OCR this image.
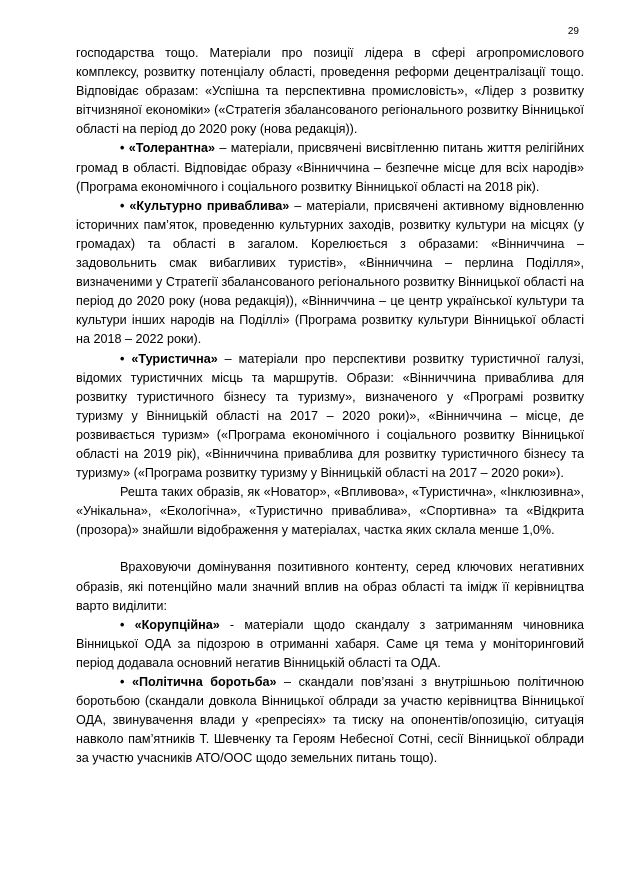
29

господарства тощо. Матеріали про позиції лідера в сфері агропромислового комплексу, розвитку потенціалу області, проведення реформи децентралізації тощо. Відповідає образам: «Успішна та перспективна промисловість», «Лідер з розвитку вітчизняної економіки» («Стратегія збалансованого регіонального розвитку Вінницької області на період до 2020 року (нова редакція)).

• «Толерантна» – матеріали, присвячені висвітленню питань життя релігійних громад в області. Відповідає образу «Вінниччина – безпечне місце для всіх народів» (Програма економічного і соціального розвитку Вінницької області на 2018 рік).

• «Культурно приваблива» – матеріали, присвячені активному відновленню історичних пам’яток, проведенню культурних заходів, розвитку культури на місцях (у громадах) та області в загалом. Корелюється з образами: «Вінниччина – задовольнить смак вибагливих туристів», «Вінниччина – перлина Поділля», визначеними у Стратегії збалансованого регіонального розвитку Вінницької області на період до 2020 року (нова редакція)), «Вінниччина – це центр української культури та культури інших народів на Поділлі» (Програма розвитку культури Вінницької області на 2018 – 2022 роки).

• «Туристична» – матеріали про перспективи розвитку туристичної галузі, відомих туристичних місць та маршрутів. Образи: «Вінниччина приваблива для розвитку туристичного бізнесу та туризму», визначеного у «Програмі розвитку туризму у Вінницькій області на 2017 – 2020 роки)», «Вінниччина – місце, де розвивається туризм» («Програма економічного і соціального розвитку Вінницької області на 2019 рік), «Вінниччина приваблива для розвитку туристичного бізнесу та туризму» («Програма розвитку туризму у Вінницькій області на 2017 – 2020 роки»).

Решта таких образів, як «Новатор», «Впливова», «Туристична», «Інклюзивна», «Унікальна», «Екологічна», «Туристично приваблива», «Спортивна» та «Відкрита (прозора)» знайшли відображення у матеріалах, частка яких склала менше 1,0%.

Враховуючи домінування позитивного контенту, серед ключових негативних образів, які потенційно мали значний вплив на образ області та імідж її керівництва варто виділити:

• «Корупційна» - матеріали щодо скандалу з затриманням чиновника Вінницької ОДА за підозрою в отриманні хабаря. Саме ця тема у моніторинговий період додавала основний негатив Вінницькій області та ОДА.

• «Політична боротьба» – скандали пов’язані з внутрішньою політичною боротьбою (скандали довкола Вінницької облради за участю керівництва Вінницької ОДА, звинувачення влади у «репресіях» та тиску на опонентів/опозицію, ситуація навколо пам’ятників Т. Шевченку та Героям Небесної Сотні, сесії Вінницької облради за участю учасників АТО/ООС щодо земельних питань тощо).
